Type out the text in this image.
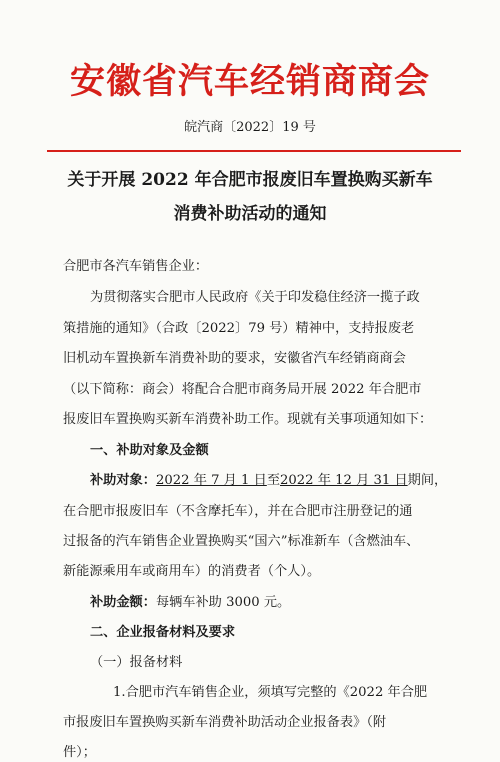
安徽省汽车经销商商会
皖汽商〔2022〕19 号
关于开展 2022 年合肥市报废旧车置换购买新车
消费补助活动的通知
合肥市各汽车销售企业：
为贯彻落实合肥市人民政府《关于印发稳住经济一揽子政
策措施的通知》（合政〔2022〕79 号）精神中，支持报废老
旧机动车置换新车消费补助的要求，安徽省汽车经销商商会
（以下简称：商会）将配合合肥市商务局开展 2022 年合肥市
报废旧车置换购买新车消费补助工作。现就有关事项通知如下：
一、补助对象及金额
补助对象：2022 年 7 月 1 日至2022 年 12 月 31 日期间，
在合肥市报废旧车（不含摩托车），并在合肥市注册登记的通
过报备的汽车销售企业置换购买“国六”标准新车（含燃油车、
新能源乘用车或商用车）的消费者（个人）。
补助金额：每辆车补助 3000 元。
二、企业报备材料及要求
（一）报备材料
1.合肥市汽车销售企业，须填写完整的《2022 年合肥
市报废旧车置换购买新车消费补助活动企业报备表》（附
件）；
